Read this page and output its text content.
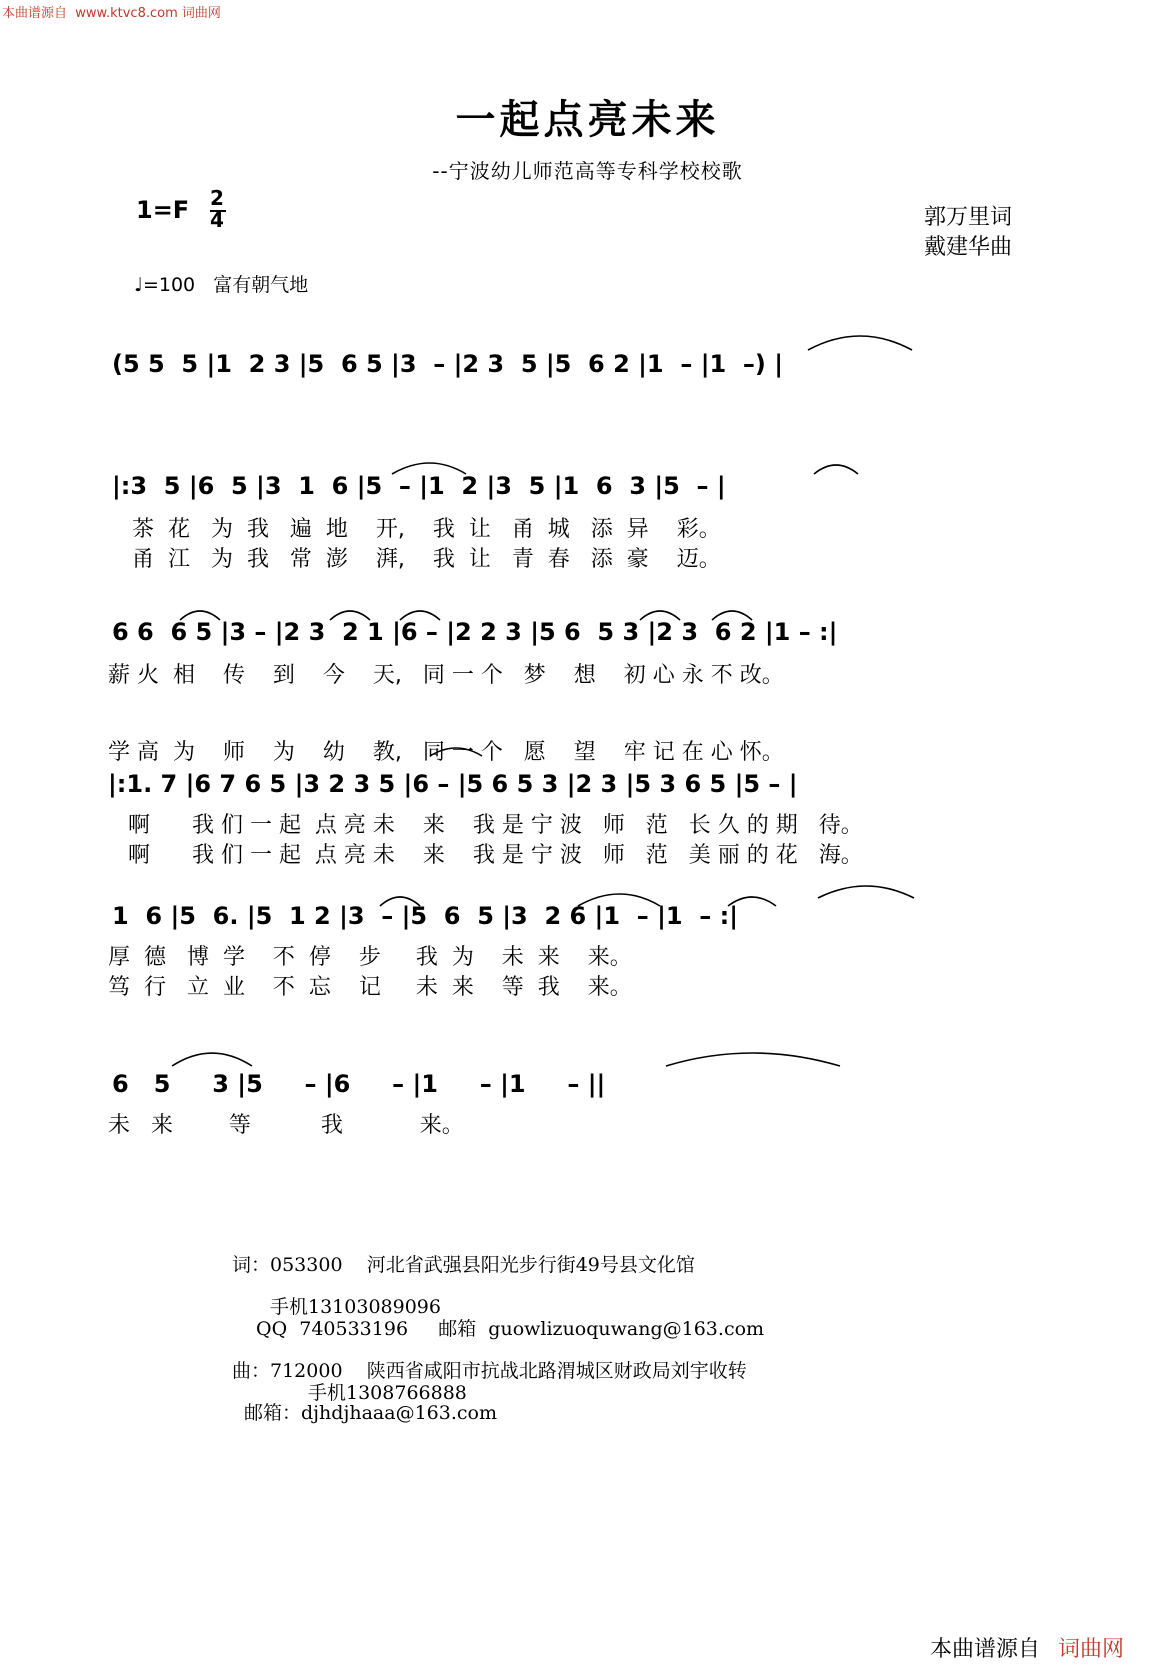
本曲谱源自  www.ktvc8.com 词曲网
一起点亮未来
--宁波幼儿师范高等专科学校校歌
1=F 2
4	郭万里词
戴建华曲
♩=100   富有朝气地
(5 5  5 |1  2 3 |5  6 5 |3  – |2 3  5 |5  6 2 |1  – |1  –) |
|:3  5 |6  5 |3  1  6 |5  – |1  2 |3  5 |1  6  3 |5  – |
茶  花   为  我   遍  地    开,    我  让   甬  城   添  异    彩。
甬  江   为  我   常  澎    湃,    我  让   青  春   添  豪    迈。
6 6  6 5 |3 – |2 3  2 1 |6 – |2 2 3 |5 6  5 3 |2 3  6 2 |1 – :|
薪 火  相    传    到    今    天,   同 一 个   梦    想    初 心 永 不 改。
学 高  为    师    为    幼    教,   同 一 个   愿    望    牢 记 在 心 怀。
|:1. 7 |6 7 6 5 |3 2 3 5 |6 – |5 6 5 3 |2 3 |5 3 6 5 |5 – |
啊      我 们 一 起  点 亮 未    来    我 是 宁 波   师   范   长 久 的 期   待。
啊      我 们 一 起  点 亮 未    来    我 是 宁 波   师   范   美 丽 的 花   海。
1  6 |5  6. |5  1 2 |3  – |5  6  5 |3  2 6 |1  – |1  – :|
厚  德   博  学    不  停    步     我  为    未  来    来。
笃  行   立  业    不  忘    记     未  来    等  我    来。
6   5     3 |5     – |6     – |1     – |1     – ||
未   来        等          我           来。
词：053300    河北省武强县阳光步行街49号县文化馆
手机13103089096
QQ  740533196     邮箱  guowlizuoquwang@163.com
曲：712000    陕西省咸阳市抗战北路渭城区财政局刘宇收转
手机1308766888
邮箱：djhdjhaaa@163.com
本曲谱源自 词曲网
